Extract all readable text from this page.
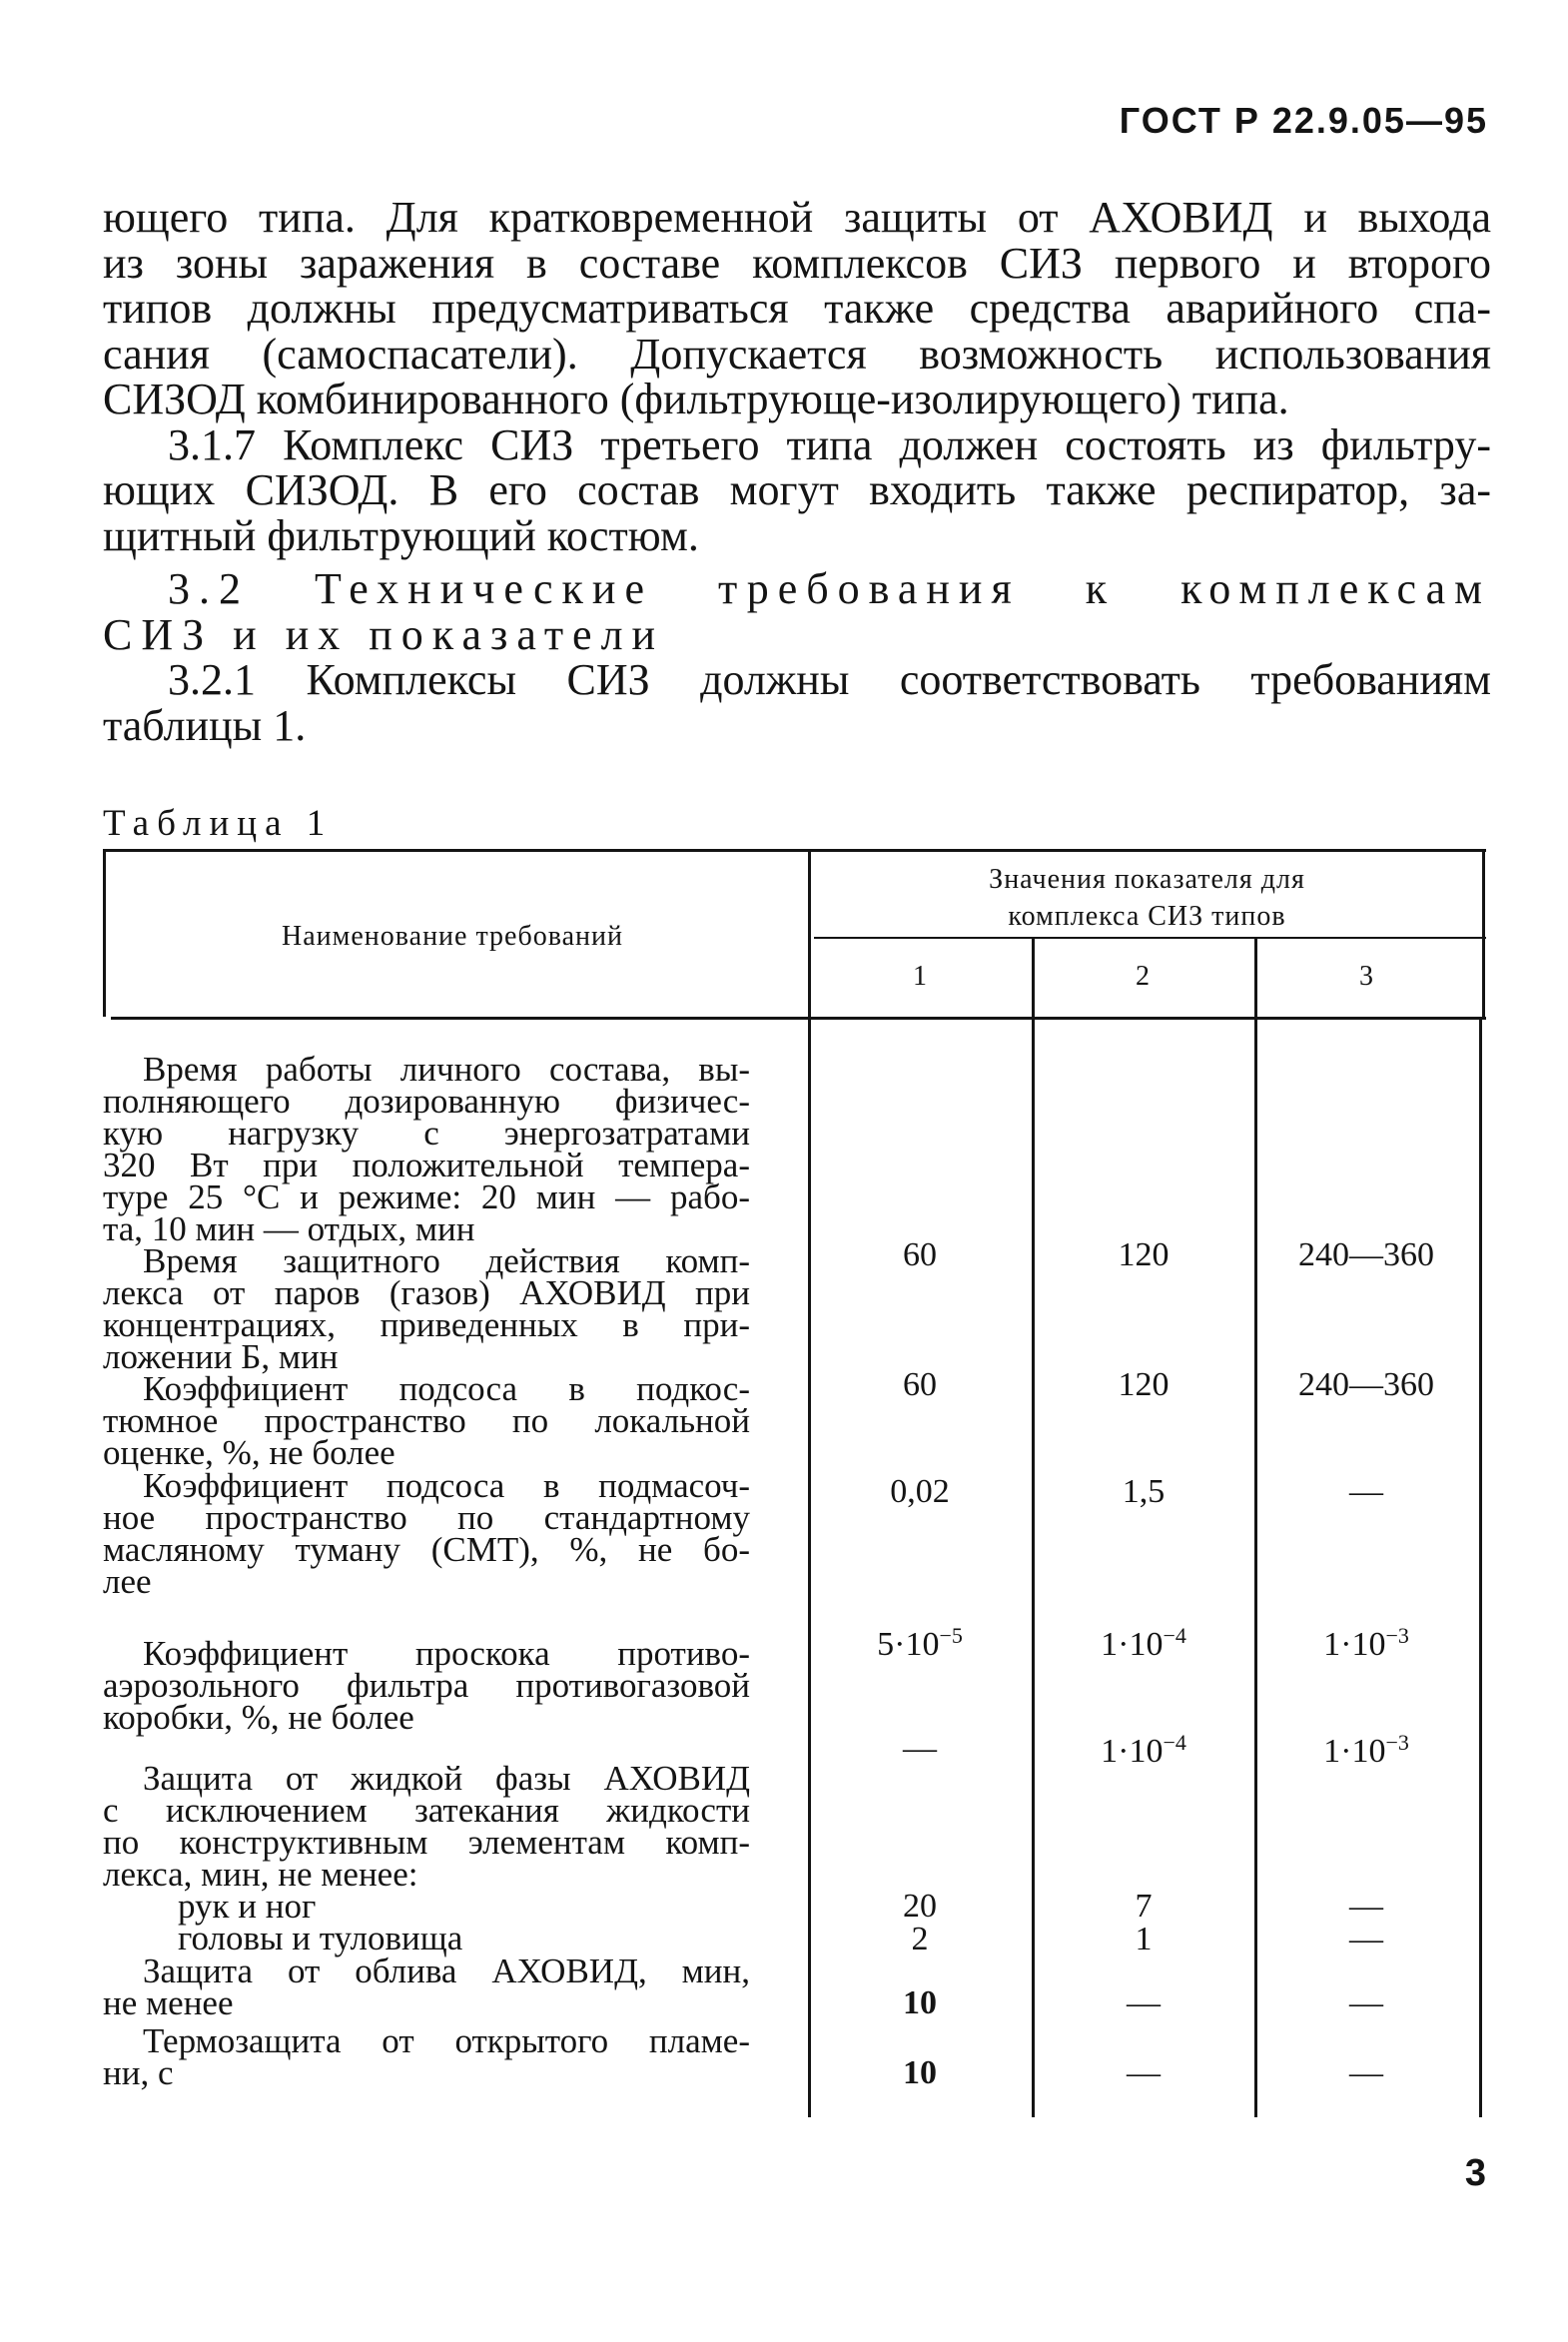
ГОСТ Р 22.9.05—95

ющего типа. Для кратковременной защиты от АХОВИД и выхода
из зоны заражения в составе комплексов СИЗ первого и второго
типов должны предусматриваться также средства аварийного спа-
сания (самоспасатели). Допускается возможность использования
СИЗОД комбинированного (фильтрующе-изолирующего) типа.

3.1.7 Комплекс СИЗ третьего типа должен состоять из фильтру-
ющих СИЗОД. В его состав могут входить также респиратор, за-
щитный фильтрующий костюм.

3.2 Технические требования к комплексам
СИЗ и их показатели

3.2.1 Комплексы СИЗ должны соответствовать требованиям
таблицы 1.

Таблица 1
Наименование требований
Значения показателя для
комплекса СИЗ типов
1	2	3
Время работы личного состава, вы-
полняющего дозированную физичес-
кую нагрузку с энергозатратами
320 Вт при положительной темпера-
туре 25 °С и режиме: 20 мин — рабо-
та, 10 мин — отдых, мин
60	120	240—360
Время защитного действия комп-
лекса от паров (газов) АХОВИД при
концентрациях, приведенных в при-
ложении Б, мин
60	120	240—360
Коэффициент подсоса в подкос-
тюмное пространство по локальной
оценке, %, не более
0,02	1,5	—
Коэффициент подсоса в подмасоч-
ное пространство по стандартному
масляному туману (СМТ), %, не бо-
лее
$5\cdot 10^{-5}$	$1\cdot 10^{-4}$	$1\cdot 10^{-3}$
Коэффициент проскока противо-
аэрозольного фильтра противогазовой
коробки, %, не более
—	$1\cdot 10^{-4}$	$1\cdot 10^{-3}$
Защита от жидкой фазы АХОВИД
с исключением затекания жидкости
по конструктивным элементам комп-
лекса, мин, не менее:
рук и ног	20	7	—
головы и туловища	2	1	—
Защита от облива АХОВИД, мин,
не менее	10	—	—
Термозащита от открытого пламе-
ни, с	10	—	—
3
